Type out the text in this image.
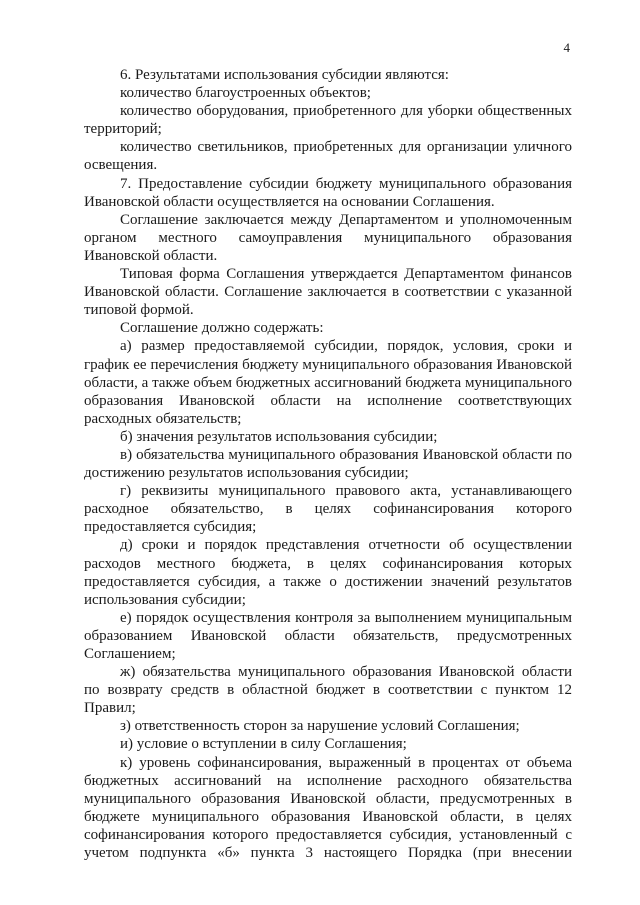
4

6. Результатами использования субсидии являются:

количество благоустроенных объектов;

количество оборудования, приобретенного для уборки общественных территорий;

количество светильников, приобретенных для организации уличного освещения.

7. Предоставление субсидии бюджету муниципального образования Ивановской области осуществляется на основании Соглашения.

Соглашение заключается между Департаментом и уполномоченным органом местного самоуправления муниципального образования Ивановской области.

Типовая форма Соглашения утверждается Департаментом финансов Ивановской области. Соглашение заключается в соответствии с указанной типовой формой.

Соглашение должно содержать:

а) размер предоставляемой субсидии, порядок, условия, сроки и график ее перечисления бюджету муниципального образования Ивановской области, а также объем бюджетных ассигнований бюджета муниципального образования Ивановской области на исполнение соответствующих расходных обязательств;

б) значения результатов использования субсидии;

в) обязательства муниципального образования Ивановской области по достижению результатов использования субсидии;

г) реквизиты муниципального правового акта, устанавливающего расходное обязательство, в целях софинансирования которого предоставляется субсидия;

д) сроки и порядок представления отчетности об осуществлении расходов местного бюджета, в целях софинансирования которых предоставляется субсидия, а также о достижении значений результатов использования субсидии;

е) порядок осуществления контроля за выполнением муниципальным образованием Ивановской области обязательств, предусмотренных Соглашением;

ж) обязательства муниципального образования Ивановской области по возврату средств в областной бюджет в соответствии с пунктом 12 Правил;

з) ответственность сторон за нарушение условий Соглашения;

и) условие о вступлении в силу Соглашения;

к) уровень софинансирования, выраженный в процентах от объема бюджетных ассигнований на исполнение расходного обязательства муниципального образования Ивановской области, предусмотренных в бюджете муниципального образования Ивановской области, в целях софинансирования которого предоставляется субсидия, установленный с учетом подпункта «б» пункта 3 настоящего Порядка (при внесении
